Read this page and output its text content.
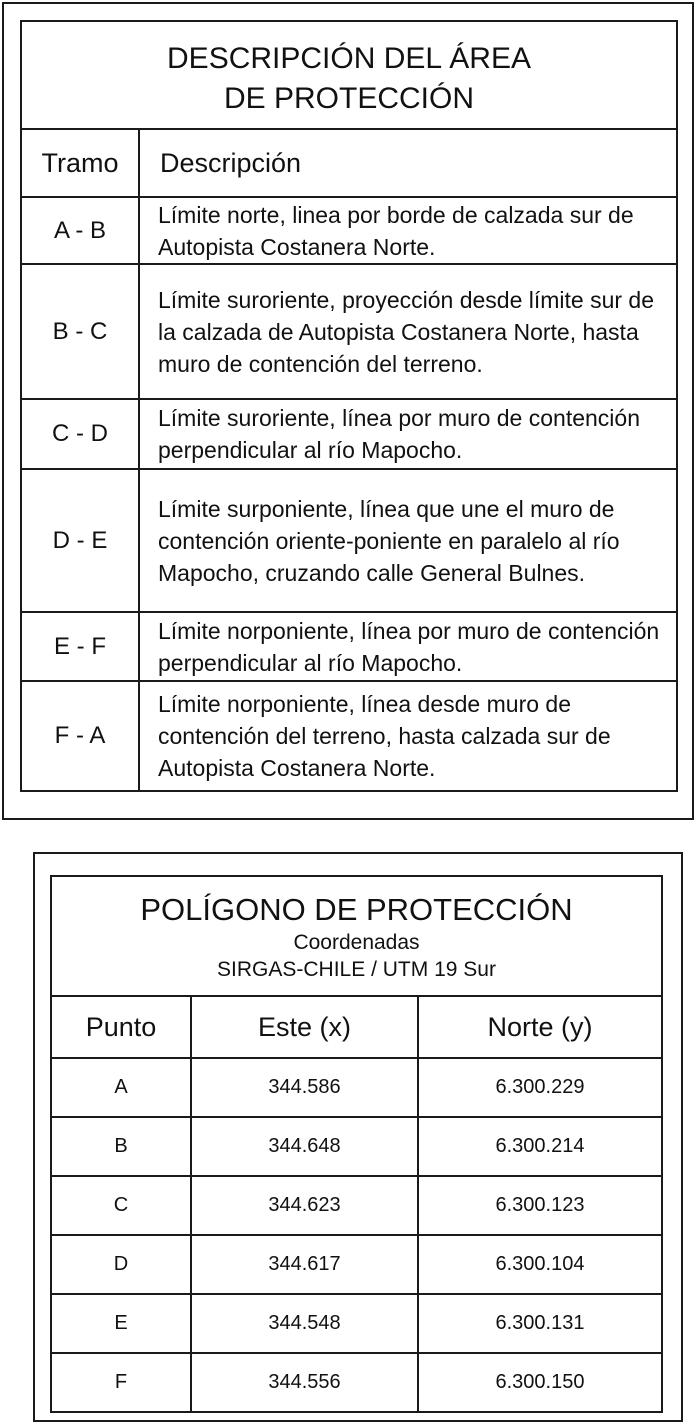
DESCRIPCIÓN DEL ÁREA
DE PROTECCIÓN	

Tramo	Descripción
A - B	Límite norte, linea por borde de calzada sur de Autopista Costanera Norte.
B - C	Límite suroriente, proyección desde límite sur de la calzada de Autopista Costanera Norte, hasta muro de contención del terreno.
C - D	Límite suroriente, línea por muro de contención perpendicular al río Mapocho.
D - E	Límite surponiente, línea que une el muro de contención oriente-poniente en paralelo al río Mapocho, cruzando calle General Bulnes.
E - F	Límite norponiente, línea por muro de contención perpendicular al río Mapocho.
F - A	Límite norponiente, línea desde muro de contención del terreno, hasta calzada sur de Autopista Costanera Norte.
POLÍGONO DE PROTECCIÓN
Coordenadas
SIRGAS-CHILE / UTM 19 Sur		

Punto	Este (x)	Norte (y)
A	344.586	6.300.229
B	344.648	6.300.214
C	344.623	6.300.123
D	344.617	6.300.104
E	344.548	6.300.131
F	344.556	6.300.150
